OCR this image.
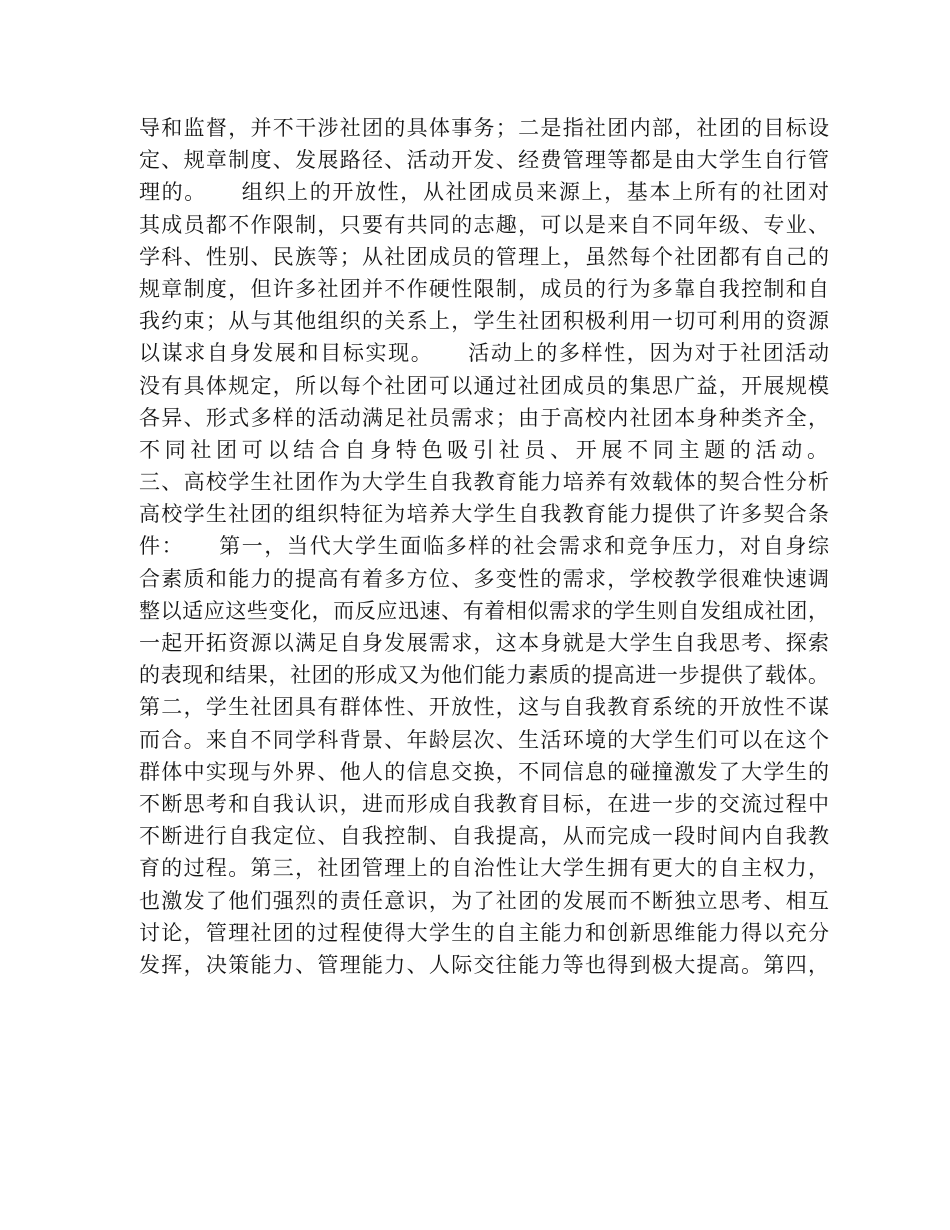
导和监督，并不干涉社团的具体事务；二是指社团内部，社团的目标设
定、规章制度、发展路径、活动开发、经费管理等都是由大学生自行管
理的。　　组织上的开放性，从社团成员来源上，基本上所有的社团对
其成员都不作限制，只要有共同的志趣，可以是来自不同年级、专业、
学科、性别、民族等；从社团成员的管理上，虽然每个社团都有自己的
规章制度，但许多社团并不作硬性限制，成员的行为多靠自我控制和自
我约束；从与其他组织的关系上，学生社团积极利用一切可利用的资源
以谋求自身发展和目标实现。　　活动上的多样性，因为对于社团活动
没有具体规定，所以每个社团可以通过社团成员的集思广益，开展规模
各异、形式多样的活动满足社员需求；由于高校内社团本身种类齐全，
不同社团可以结合自身特色吸引社员、开展不同主题的活动。
三、高校学生社团作为大学生自我教育能力培养有效载体的契合性分析
高校学生社团的组织特征为培养大学生自我教育能力提供了许多契合条
件：　　第一，当代大学生面临多样的社会需求和竞争压力，对自身综
合素质和能力的提高有着多方位、多变性的需求，学校教学很难快速调
整以适应这些变化，而反应迅速、有着相似需求的学生则自发组成社团，
一起开拓资源以满足自身发展需求，这本身就是大学生自我思考、探索
的表现和结果，社团的形成又为他们能力素质的提高进一步提供了载体。
第二，学生社团具有群体性、开放性，这与自我教育系统的开放性不谋
而合。来自不同学科背景、年龄层次、生活环境的大学生们可以在这个
群体中实现与外界、他人的信息交换，不同信息的碰撞激发了大学生的
不断思考和自我认识，进而形成自我教育目标，在进一步的交流过程中
不断进行自我定位、自我控制、自我提高，从而完成一段时间内自我教
育的过程。第三，社团管理上的自治性让大学生拥有更大的自主权力，
也激发了他们强烈的责任意识，为了社团的发展而不断独立思考、相互
讨论，管理社团的过程使得大学生的自主能力和创新思维能力得以充分
发挥，决策能力、管理能力、人际交往能力等也得到极大提高。第四，
